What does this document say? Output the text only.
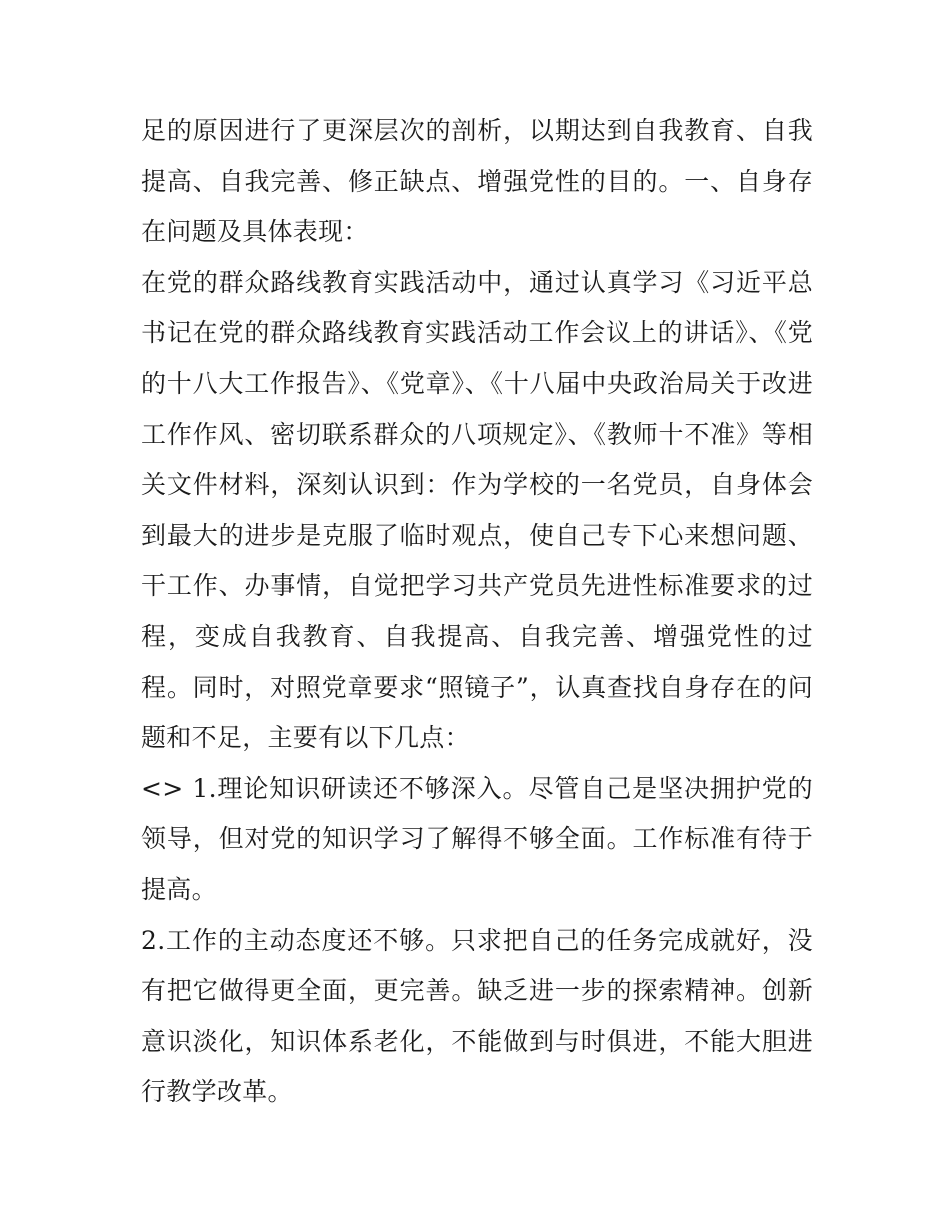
足的原因进行了更深层次的剖析，以期达到自我教育、自我提高、自我完善、修正缺点、增强党性的目的。一、自身存在问题及具体表现：

在党的群众路线教育实践活动中，通过认真学习《习近平总书记在党的群众路线教育实践活动工作会议上的讲话》、《党的十八大工作报告》、《党章》、《十八届中央政治局关于改进工作作风、密切联系群众的八项规定》、《教师十不准》等相关文件材料，深刻认识到：作为学校的一名党员，自身体会到最大的进步是克服了临时观点，使自己专下心来想问题、干工作、办事情，自觉把学习共产党员先进性标准要求的过程，变成自我教育、自我提高、自我完善、增强党性的过程。同时，对照党章要求“照镜子”，认真查找自身存在的问题和不足，主要有以下几点：

<> 1.理论知识研读还不够深入。尽管自己是坚决拥护党的领导，但对党的知识学习了解得不够全面。工作标准有待于提高。

2.工作的主动态度还不够。只求把自己的任务完成就好，没有把它做得更全面，更完善。缺乏进一步的探索精神。创新意识淡化，知识体系老化，不能做到与时俱进，不能大胆进行教学改革。
